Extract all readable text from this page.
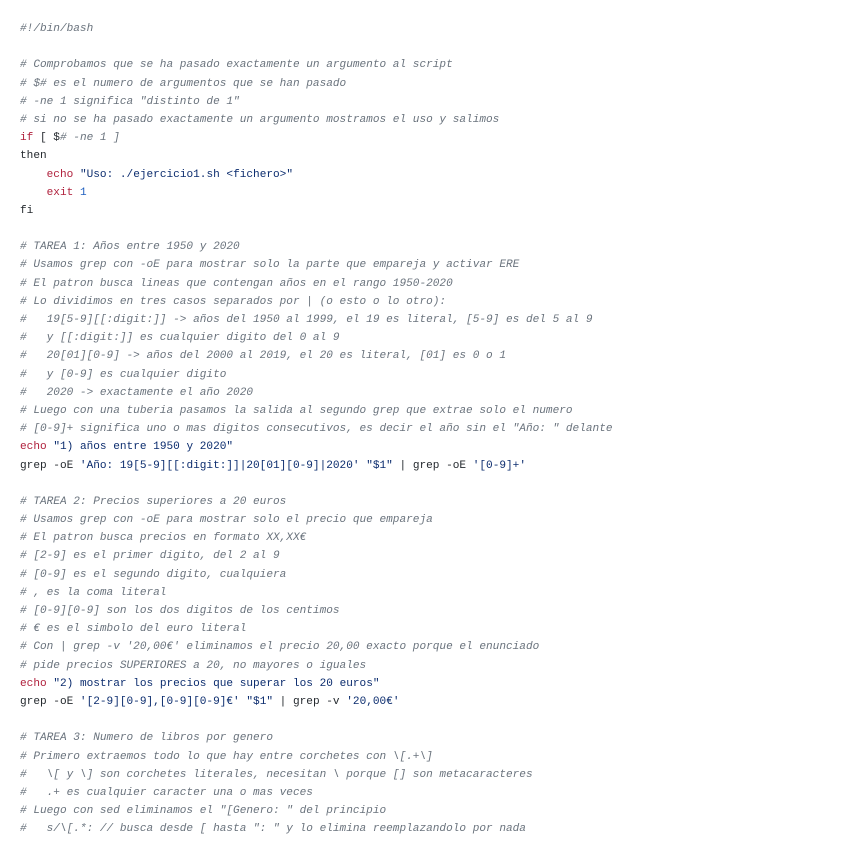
#!/bin/bash

# Comprobamos que se ha pasado exactamente un argumento al script
# $# es el numero de argumentos que se han pasado
# -ne 1 significa "distinto de 1"
# si no se ha pasado exactamente un argumento mostramos el uso y salimos
if [ $# -ne 1 ]
then
echo "Uso: ./ejercicio1.sh <fichero>"
exit 1
fi

# TAREA 1: Años entre 1950 y 2020
# Usamos grep con -oE para mostrar solo la parte que empareja y activar ERE
# El patron busca lineas que contengan años en el rango 1950-2020
# Lo dividimos en tres casos separados por | (o esto o lo otro):
#   19[5-9][[:digit:]] -> años del 1950 al 1999, el 19 es literal, [5-9] es del 5 al 9
#   y [[:digit:]] es cualquier digito del 0 al 9
#   20[01][0-9] -> años del 2000 al 2019, el 20 es literal, [01] es 0 o 1
#   y [0-9] es cualquier digito
#   2020 -> exactamente el año 2020
# Luego con una tuberia pasamos la salida al segundo grep que extrae solo el numero
# [0-9]+ significa uno o mas digitos consecutivos, es decir el año sin el "Año: " delante
echo "1) años entre 1950 y 2020"
grep -oE 'Año: 19[5-9][[:digit:]]|20[01][0-9]|2020' "$1" | grep -oE '[0-9]+'

# TAREA 2: Precios superiores a 20 euros
# Usamos grep con -oE para mostrar solo el precio que empareja
# El patron busca precios en formato XX,XX€
# [2-9] es el primer digito, del 2 al 9
# [0-9] es el segundo digito, cualquiera
# , es la coma literal
# [0-9][0-9] son los dos digitos de los centimos
# € es el simbolo del euro literal
# Con | grep -v '20,00€' eliminamos el precio 20,00 exacto porque el enunciado
# pide precios SUPERIORES a 20, no mayores o iguales
echo "2) mostrar los precios que superar los 20 euros"
grep -oE '[2-9][0-9],[0-9][0-9]€' "$1" | grep -v '20,00€'

# TAREA 3: Numero de libros por genero
# Primero extraemos todo lo que hay entre corchetes con \[.+\]
#   \[ y \] son corchetes literales, necesitan \ porque [] son metacaracteres
#   .+ es cualquier caracter una o mas veces
# Luego con sed eliminamos el "[Genero: " del principio
#   s/\[.*: // busca desde [ hasta ": " y lo elimina reemplazandolo por nada
